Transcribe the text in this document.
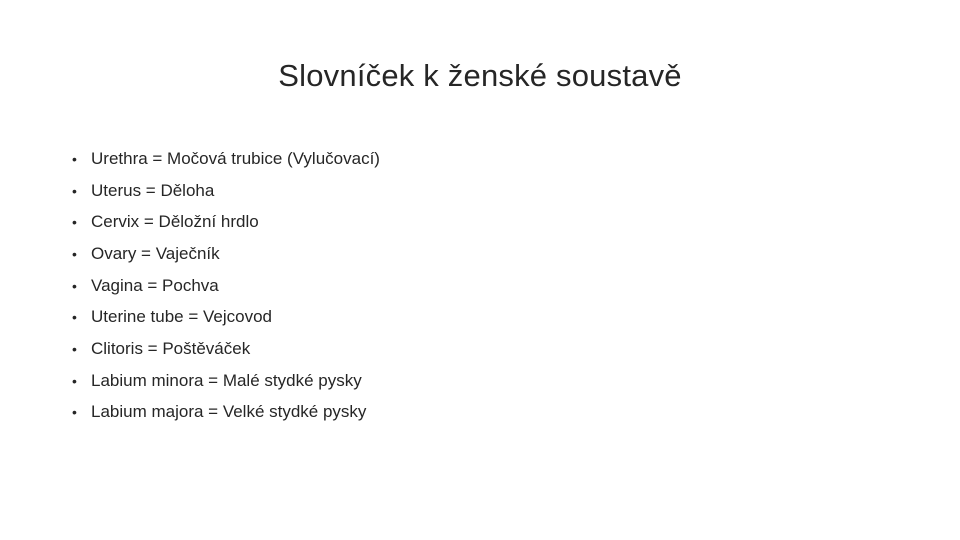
Slovníček k ženské soustavě
• Urethra = Močová trubice (Vylučovací)
• Uterus = Děloha
• Cervix = Děložní hrdlo
• Ovary = Vaječník
• Vagina = Pochva
• Uterine tube = Vejcovod
• Clitoris = Poštěváček
• Labium minora = Malé stydké pysky
• Labium majora = Velké stydké pysky
